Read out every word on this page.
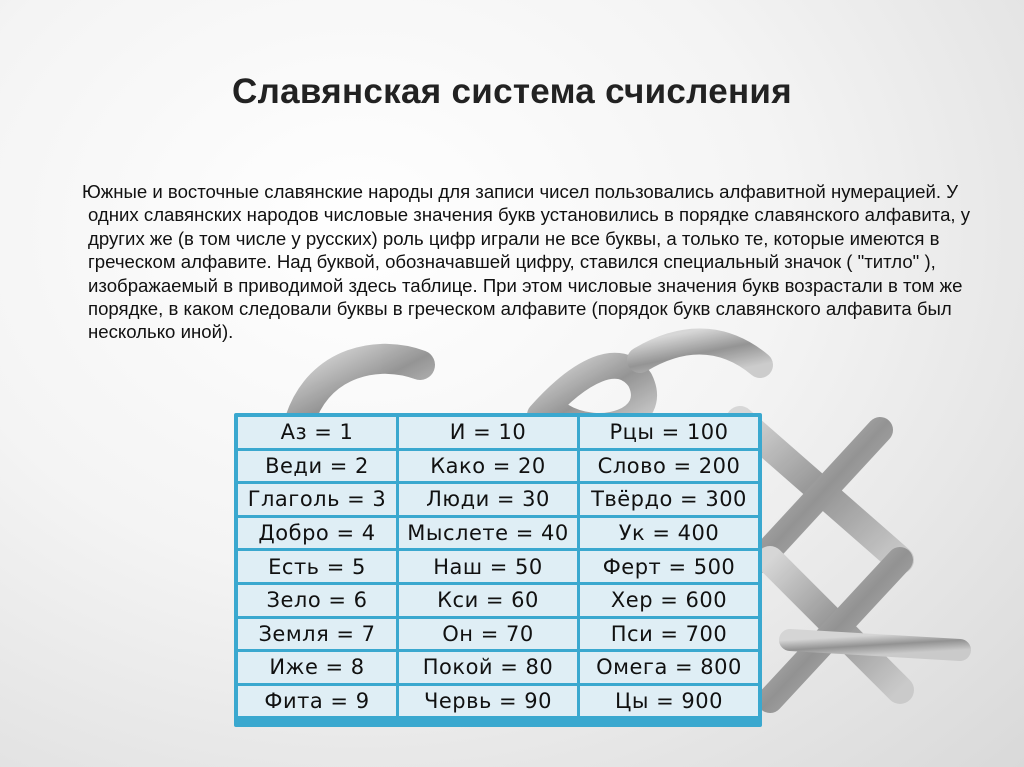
Славянская система счисления

Южные и восточные славянские народы для записи чисел пользовались алфавитной нумерацией. У одних славянских народов числовые значения букв установились в порядке славянского алфавита, у других же (в том числе у русских) роль цифр играли не все буквы, а только те, которые имеются в греческом алфавите. Над буквой, обозначавшей цифру, ставился специальный значок ( "титло" ), изображаемый в приводимой здесь таблице. При этом числовые значения букв возрастали в том же порядке, в каком следовали буквы в греческом алфавите (порядок букв славянского алфавита был несколько иной).

Аз = 1	И = 10	Рцы = 100
Веди = 2	Како = 20	Слово = 200
Глаголь = 3	Люди = 30	Твёрдо = 300
Добро = 4	Мыслете = 40	Ук = 400
Есть = 5	Наш = 50	Ферт = 500
Зело = 6	Кси = 60	Хер = 600
Земля = 7	Он = 70	Пси = 700
Иже = 8	Покой = 80	Омега = 800
Фита = 9	Червь = 90	Цы = 900
